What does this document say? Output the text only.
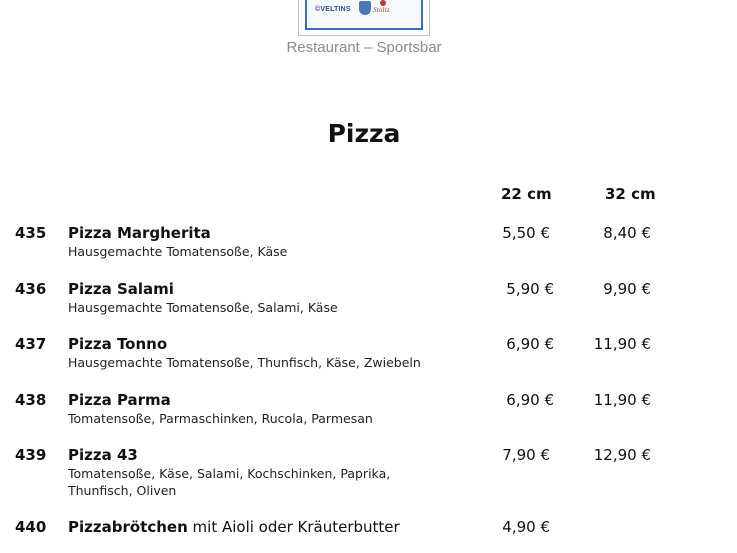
©VELTINS	Stoltz
Restaurant – Sportsbar
Pizza
22 cm	32 cm
435 Pizza Margherita
Hausgemachte Tomatensoße, Käse
5,50 €	8,40 €
436 Pizza Salami
Hausgemachte Tomatensoße, Salami, Käse
5,90 €	9,90 €
437 Pizza Tonno
Hausgemachte Tomatensoße, Thunfisch, Käse, Zwiebeln
6,90 €	11,90 €
438 Pizza Parma
Tomatensoße, Parmaschinken, Rucola, Parmesan
6,90 €	11,90 €
439 Pizza 43
Tomatensoße, Käse, Salami, Kochschinken, Paprika,
Thunfisch, Oliven
7,90 €	12,90 €
440 Pizzabrötchen mit Aioli oder Kräuterbutter	4,90 €
